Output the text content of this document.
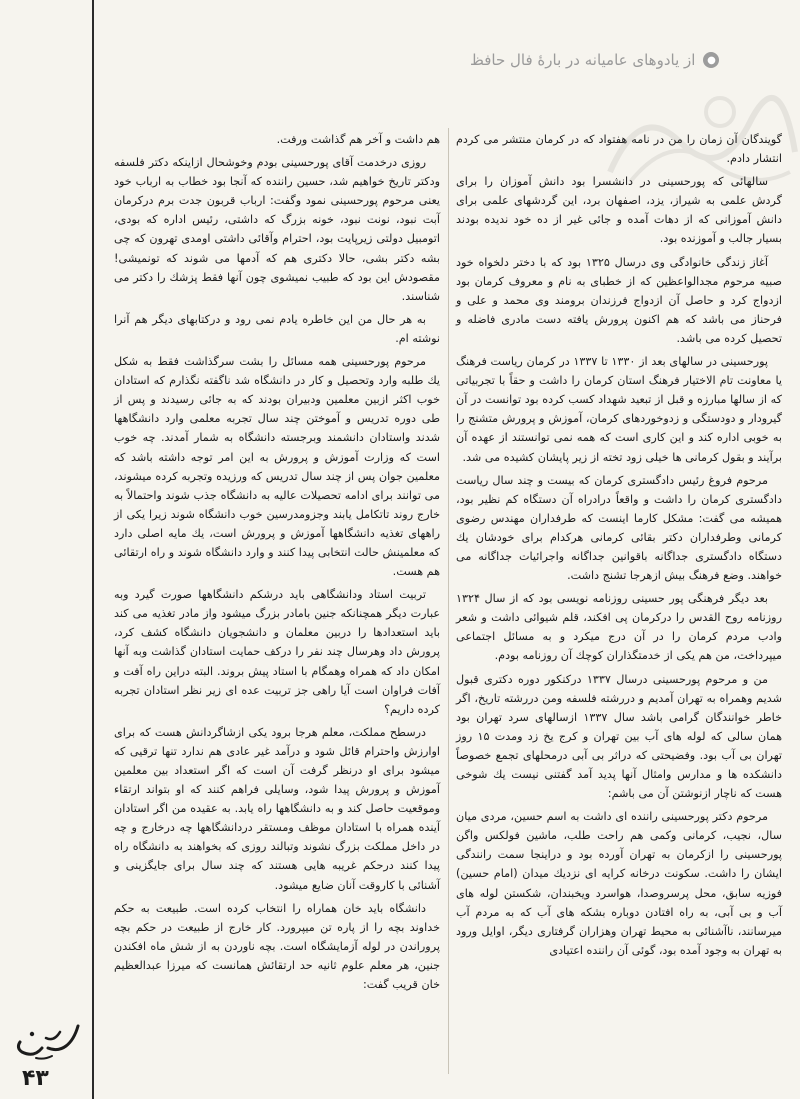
●
از یادوهای عامیانه در بارهٔ فال حافظ

گویندگان آن زمان را من در نامه هفتواد که در کرمان منتشر می کردم انتشار دادم.

سالهائی که پورحسینی در دانشسرا بود دانش آموزان را برای گردش علمی به شیراز، یزد، اصفهان برد، این گردشهای علمی برای دانش آموزانی که از دهات آمده و جائی غیر از ده خود ندیده بودند بسیار جالب و آموزنده بود.

آغاز زندگی خانوادگی وی درسال ۱۳۲۵ بود که با دختر دلخواه خود صبیه مرحوم مجدالواعظین که از خطبای به نام و معروف کرمان بود ازدواج کرد و حاصل آن ازدواج فرزندان برومند وی محمد و علی و فرحناز می باشد که هم اکنون پرورش یافته دست مادری فاضله و تحصیل کرده می باشد.

پورحسینی در سالهای بعد از ۱۳۳۰ تا ۱۳۳۷ در کرمان ریاست فرهنگ یا معاونت تام الاختیار فرهنگ استان کرمان را داشت و حقاً با تجربیاتی که از سالها مبارزه و قبل از تبعید شهداد کسب کرده بود توانست در آن گیرودار و دودستگی و زدوخوردهای کرمان، آموزش و پرورش متشنج را به خوبی اداره کند و این کاری است که همه نمی توانستند از عهده آن برآیند و بقول کرمانی ها خیلی زود تخته از زیر پایشان کشیده می شد.

مرحوم فروغ رئیس دادگستری کرمان که بیست و چند سال ریاست دادگستری کرمان را داشت و واقعاً درادراه آن دستگاه کم نظیر بود، همیشه می گفت: مشکل کارما اینست که طرفداران مهندس رضوی کرمانی وطرفداران دکتر بقائی کرمانی هرکدام برای خودشان یك دستگاه دادگستری جداگانه باقوانین جداگانه واجرائیات جداگانه می خواهند. وضع فرهنگ بیش ازهرجا تشنج داشت.

بعد دیگر فرهنگی پور حسینی روزنامه نویسی بود که از سال ۱۳۲۴ روزنامه روح القدس را درکرمان پی افکند، قلم شیوائی داشت و شعر وادب مردم کرمان را در آن درج میکرد و به مسائل اجتماعی میپرداخت، من هم یکی از خدمتگذاران کوچك آن روزنامه بودم.

من و مرحوم پورحسینی درسال ۱۳۳۷ درکنکور دوره دکتری قبول شدیم وهمراه به تهران آمدیم و دررشته فلسفه ومن دررشته تاریخ، اگر خاطر خوانندگان گرامی باشد سال ۱۳۳۷ ازسالهای سرد تهران بود همان سالی که لوله های آب بین تهران و کرج یخ زد ومدت ۱۵ روز تهران بی آب بود. وفضیحتی که دراثر بی آبی درمحلهای تجمع خصوصاً دانشکده ها و مدارس وامثال آنها پدید آمد گفتنی نیست یك شوخی هست که ناچار ازنوشتن آن می باشم:

مرحوم دکتر پورحسینی راننده ای داشت به اسم حسین، مردی میان سال، نجیب، کرمانی وکمی هم راحت طلب، ماشین فولکس واگن پورحسینی را ازکرمان به تهران آورده بود و دراینجا سمت رانندگی ایشان را داشت. سکونت درخانه کرایه ای نزدیك میدان (امام حسین) فوزیه سابق، محل پرسروصدا، هواسرد ویخبندان، شکستن لوله های آب و بی آبی، به راه افتادن دوباره بشکه های آب که به مردم آب میرسانند، ناآشنائی به محیط تهران وهزاران گرفتاری دیگر، اوایل ورود به تهران به وجود آمده بود، گوئی آن راننده اعتیادی

هم داشت و آخر هم گذاشت ورفت.

روزی درخدمت آقای پورحسینی بودم وخوشحال ازاینکه دکتر فلسفه ودکتر تاریخ خواهیم شد، حسین راننده که آنجا بود خطاب به ارباب خود یعنی مرحوم پورحسینی نمود وگفت: ارباب قربون جدت برم درکرمان آبت نبود، نونت نبود، خونه بزرگ که داشتی، رئیس اداره که بودی، اتومبیل دولتی زیرپایت بود، احترام وآقائی داشتی اومدی تهرون که چی بشه دکتر بشی، حالا دکتری هم که آدمها می شوند که تونمیشی! مقصودش این بود که طبیب نمیشوی چون آنها فقط پزشك را دکتر می شناسند.

به هر حال من این خاطره یادم نمی رود و درکتابهای دیگر هم آنرا نوشته ام.

مرحوم پورحسینی همه مسائل را بشت سرگذاشت فقط به شکل یك طلبه وارد وتحصیل و کار در دانشگاه شد ناگفته نگذارم که استادان خوب اکثر ازبین معلمین ودبیران بودند که به جائی رسیدند و پس از طی دوره تدریس و آموختن چند سال تجربه معلمی وارد دانشگاهها شدند واستادان دانشمند وبرجسته دانشگاه به شمار آمدند. چه خوب است که وزارت آموزش و پرورش به این امر توجه داشته باشد که معلمین جوان پس از چند سال تدریس که ورزیده وتجربه کرده میشوند، می توانند برای ادامه تحصیلات عالیه به دانشگاه جذب شوند واحتمالاً به خارج روند تاتکامل یابند وجزومدرسین خوب دانشگاه شوند زیرا یکی از راههای تغذیه دانشگاهها آموزش و پرورش است، یك مایه اصلی دارد که معلمینش حالت انتخابی پیدا کنند و وارد دانشگاه شوند و راه ارتقائی هم هست.

تربیت استاد ودانشگاهی باید درشکم دانشگاهها صورت گیرد وبه عبارت دیگر همچنانکه جنین بامادر بزرگ میشود واز مادر تغذیه می کند باید استعدادها را دربین معلمان و دانشجویان دانشگاه کشف کرد، پرورش داد وهرسال چند نفر را درکف حمایت استادان گذاشت وبه آنها امکان داد که همراه وهمگام با استاد پیش بروند. البته دراین راه آفت و آفات فراوان است آیا راهی جز تربیت عده ای زیر نظر استادان تجربه کرده داریم؟

درسطح مملکت، معلم هرجا برود یکی ازشاگردانش هست که برای اوارزش واحترام قائل شود و درآمد غیر عادی هم ندارد تنها ترقیی که میشود برای او درنظر گرفت آن است که اگر استعداد بین معلمین آموزش و پرورش پیدا شود، وسایلی فراهم کنند که او بتواند ارتقاء وموقعیت حاصل کند و به دانشگاهها راه یابد. به عقیده من اگر استادان آینده همراه با استادان موظف ومستقر دردانشگاهها چه درخارج و چه در داخل مملکت بزرگ نشوند وتبالند روزی که بخواهند به دانشگاه راه پیدا کنند درحکم غریبه هایی هستند که چند سال برای جایگزینی و آشنائی با کاروقت آنان ضایع میشود.

دانشگاه باید خان هماراه را انتخاب کرده است. طبیعت به حکم خداوند بچه را از پاره تن میپرورد. کار خارج از طبیعت در حکم بچه پروراندن در لوله آزمایشگاه است. بچه ناوردن به از شش ماه افکندن جنین، هر معلم علوم ثانیه حد ارتقائش همانست که میرزا عبدالعظیم خان قریب گفت:

۴۳
